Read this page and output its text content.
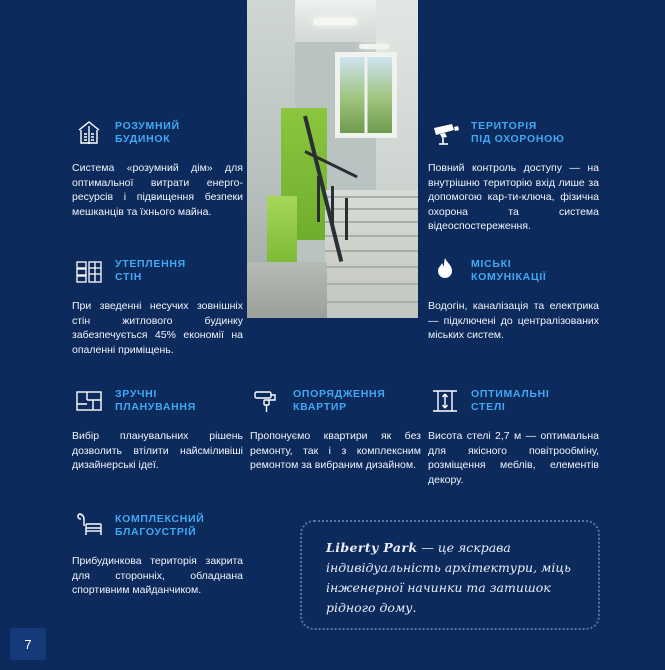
РОЗУМНИЙ
БУДИНОК
Система «розумний дім» для оптимальної витрати енерго-ресурсів і підвищення безпеки мешканців та їхнього майна.
ТЕРИТОРІЯ
ПІД ОХОРОНОЮ
Повний контроль доступу — на внутрішню територію вхід лише за допомогою кар-ти-ключа, фізична охорона та система відеоспостереження.
УТЕПЛЕННЯ
СТІН
При зведенні несучих зовнішніх стін житлового будинку забезпечується 45% економії на опаленні приміщень.
МІСЬКІ
КОМУНІКАЦІЇ
Водогін, каналізація та електрика — підключені до централізованих міських систем.
ЗРУЧНІ
ПЛАНУВАННЯ
Вибір планувальних рішень дозволить втілити найсміливіші дизайнерські ідеї.
ОПОРЯДЖЕННЯ
КВАРТИР
Пропонуємо квартири як без ремонту, так і з комплексним ремонтом за вибраним дизайном.
ОПТИМАЛЬНІ
СТЕЛІ
Висота стелі 2,7 м — оптимальна для якісного повітрообміну, розміщення меблів, елементів декору.
КОМПЛЕКСНИЙ
БЛАГОУСТРІЙ
Прибудинкова територія закрита для сторонніх, обладнана спортивним майданчиком.
Liberty Park — це яскрава індивідуальність архітектури, міць інженерної начинки та затишок рідного дому.
7
